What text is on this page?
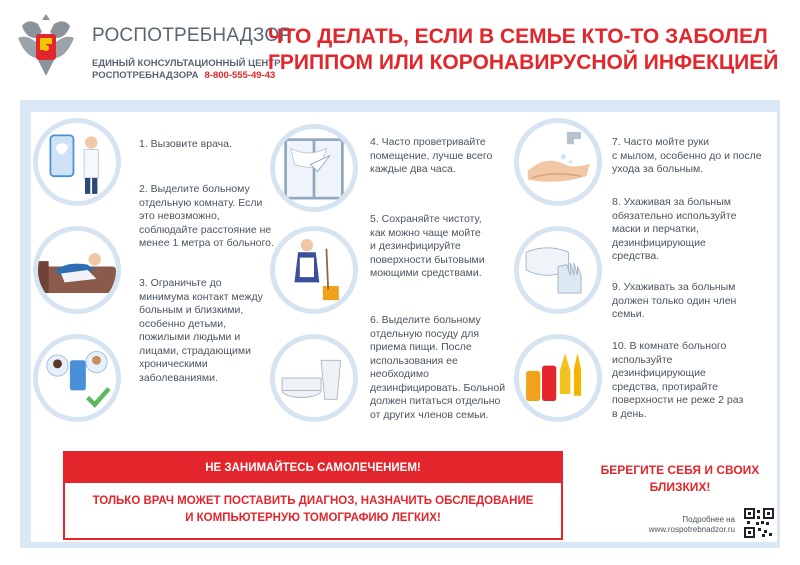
РОСПОТРЕБНАДЗОР
ЕДИНЫЙ КОНСУЛЬТАЦИОННЫЙ ЦЕНТР
РОСПОТРЕБНАДЗОРА 8-800-555-49-43
ЧТО ДЕЛАТЬ, ЕСЛИ В СЕМЬЕ КТО-ТО ЗАБОЛЕЛ
ГРИППОМ ИЛИ КОРОНАВИРУСНОЙ ИНФЕКЦИЕЙ
1. Вызовите врача.
2. Выделите больному
отдельную комнату. Если
это невозможно,
соблюдайте расстояние не
менее 1 метра от больного.
3. Ограничьте до
минимума контакт между
больным и близкими,
особенно детьми,
пожилыми людьми и
лицами, страдающими
хроническими
заболеваниями.
4. Часто проветривайте
помещение, лучше всего
каждые два часа.
5. Сохраняйте чистоту,
как можно чаще мойте
и дезинфицируйте
поверхности бытовыми
моющими средствами.
6. Выделите больному
отдельную посуду для
приема пищи. После
использования ее
необходимо
дезинфицировать. Больной
должен питаться отдельно
от других членов семьи.
7. Часто мойте руки
с мылом, особенно до и после
ухода за больным.
8. Ухаживая за больным
обязательно используйте
маски и перчатки,
дезинфицирующие
средства.
9. Ухаживать за больным
должен только один член
семьи.
10. В комнате больного
используйте
дезинфицирующие
средства, протирайте
поверхности не реже 2 раз
в день.
НЕ ЗАНИМАЙТЕСЬ САМОЛЕЧЕНИЕМ!
ТОЛЬКО ВРАЧ МОЖЕТ ПОСТАВИТЬ ДИАГНОЗ, НАЗНАЧИТЬ ОБСЛЕДОВАНИЕ
И КОМПЬЮТЕРНУЮ ТОМОГРАФИЮ ЛЕГКИХ!
БЕРЕГИТЕ СЕБЯ И СВОИХ
БЛИЗКИХ!
Подробнее на
www.rospotrebnadzor.ru
